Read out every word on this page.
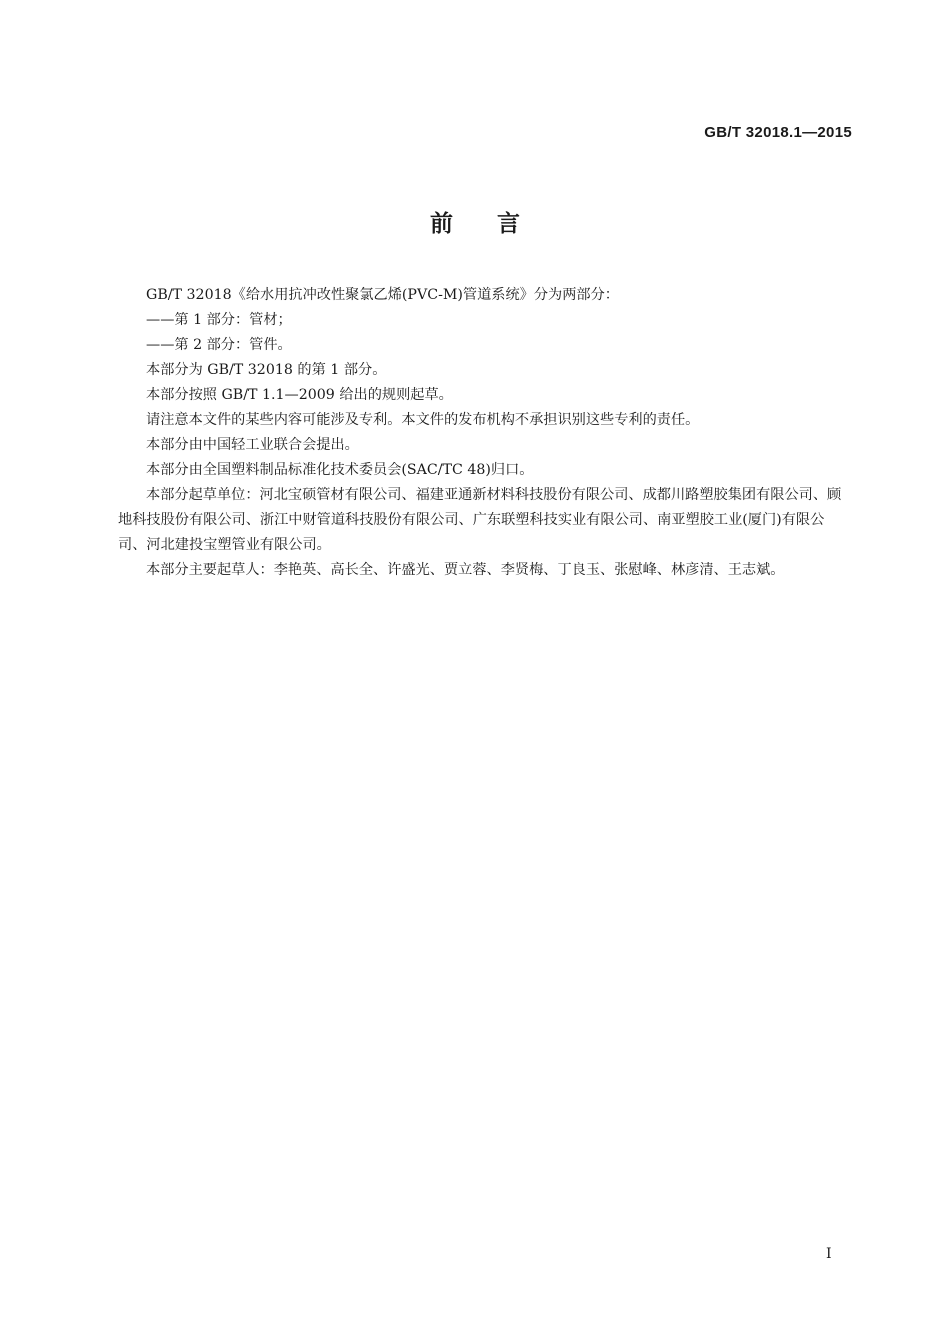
GB/T 32018.1—2015
前言

GB/T 32018《给水用抗冲改性聚氯乙烯(PVC-M)管道系统》分为两部分：

——第 1 部分：管材；

——第 2 部分：管件。

本部分为 GB/T 32018 的第 1 部分。

本部分按照 GB/T 1.1—2009 给出的规则起草。

请注意本文件的某些内容可能涉及专利。本文件的发布机构不承担识别这些专利的责任。

本部分由中国轻工业联合会提出。

本部分由全国塑料制品标准化技术委员会(SAC/TC 48)归口。

本部分起草单位：河北宝硕管材有限公司、福建亚通新材料科技股份有限公司、成都川路塑胶集团有限公司、顾地科技股份有限公司、浙江中财管道科技股份有限公司、广东联塑科技实业有限公司、南亚塑胶工业(厦门)有限公司、河北建投宝塑管业有限公司。

本部分主要起草人：李艳英、高长全、许盛光、贾立蓉、李贤梅、丁良玉、张慰峰、林彦清、王志斌。

I
